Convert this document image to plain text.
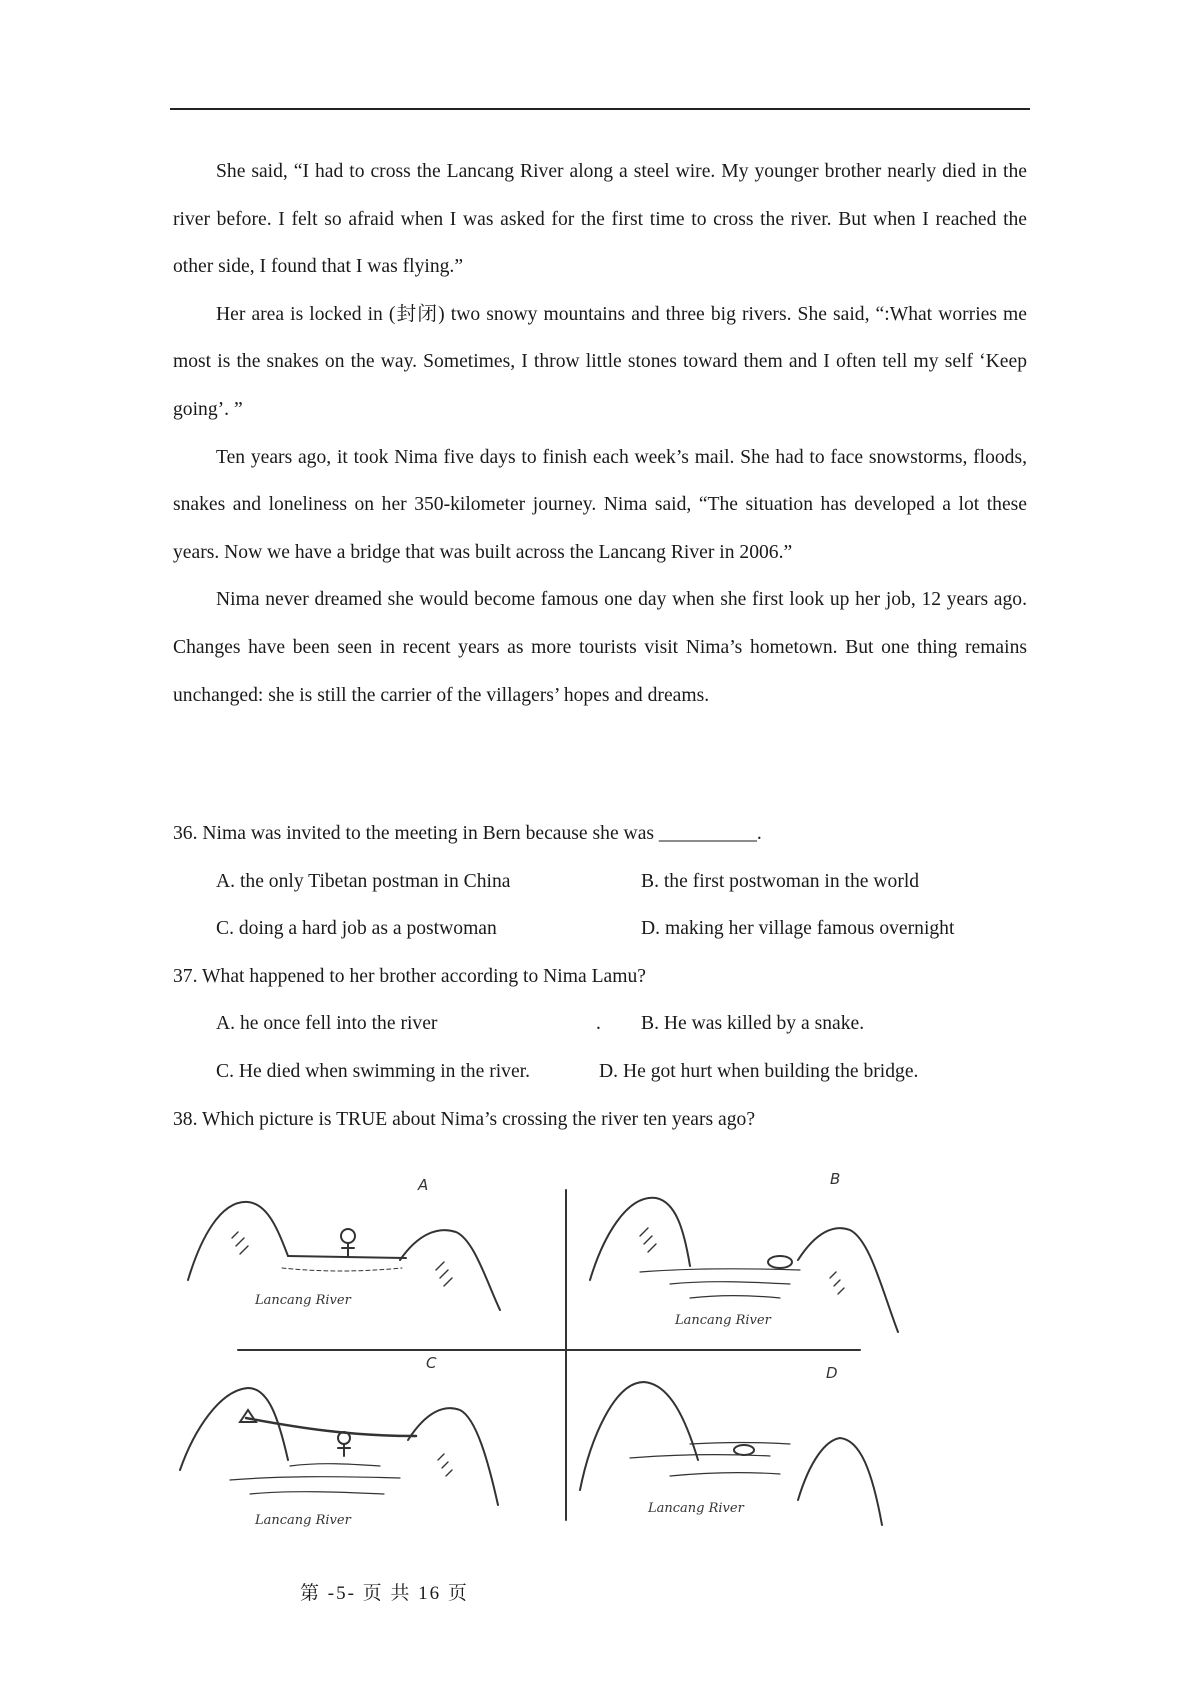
She said, “I had to cross the Lancang River along a steel wire. My younger brother nearly died in the river before. I felt so afraid when I was asked for the first time to cross the river. But when I reached the other side, I found that I was flying.”

Her area is locked in (封闭) two snowy mountains and three big rivers. She said, “:What worries me most is the snakes on the way. Sometimes, I throw little stones toward them and I often tell my self ‘Keep going’. ”

Ten years ago, it took Nima five days to finish each week’s mail. She had to face snowstorms, floods, snakes and loneliness on her 350-kilometer journey. Nima said, “The situation has developed a lot these years. Now we have a bridge that was built across the Lancang River in 2006.”

Nima never dreamed she would become famous one day when she first look up her job, 12 years ago. Changes have been seen in recent years as more tourists visit Nima’s hometown. But one thing remains unchanged: she is still the carrier of the villagers’ hopes and dreams.

36. Nima was invited to the meeting in Bern because she was __________.

A. the only Tibetan postman in China	B. the first postwoman in the world
C. doing a hard job as a postwoman	D. making her village famous overnight

37. What happened to her brother according to Nima Lamu?

A. he once fell into the river	. B. He was killed by a snake.
C. He died when swimming in the river.	D. He got hurt when building the bridge.

38. Which picture is TRUE about Nima’s crossing the river ten years ago?

A
Lancang River
B
Lancang River
C
Lancang River
D
Lancang River
第 -5- 页 共 16 页
